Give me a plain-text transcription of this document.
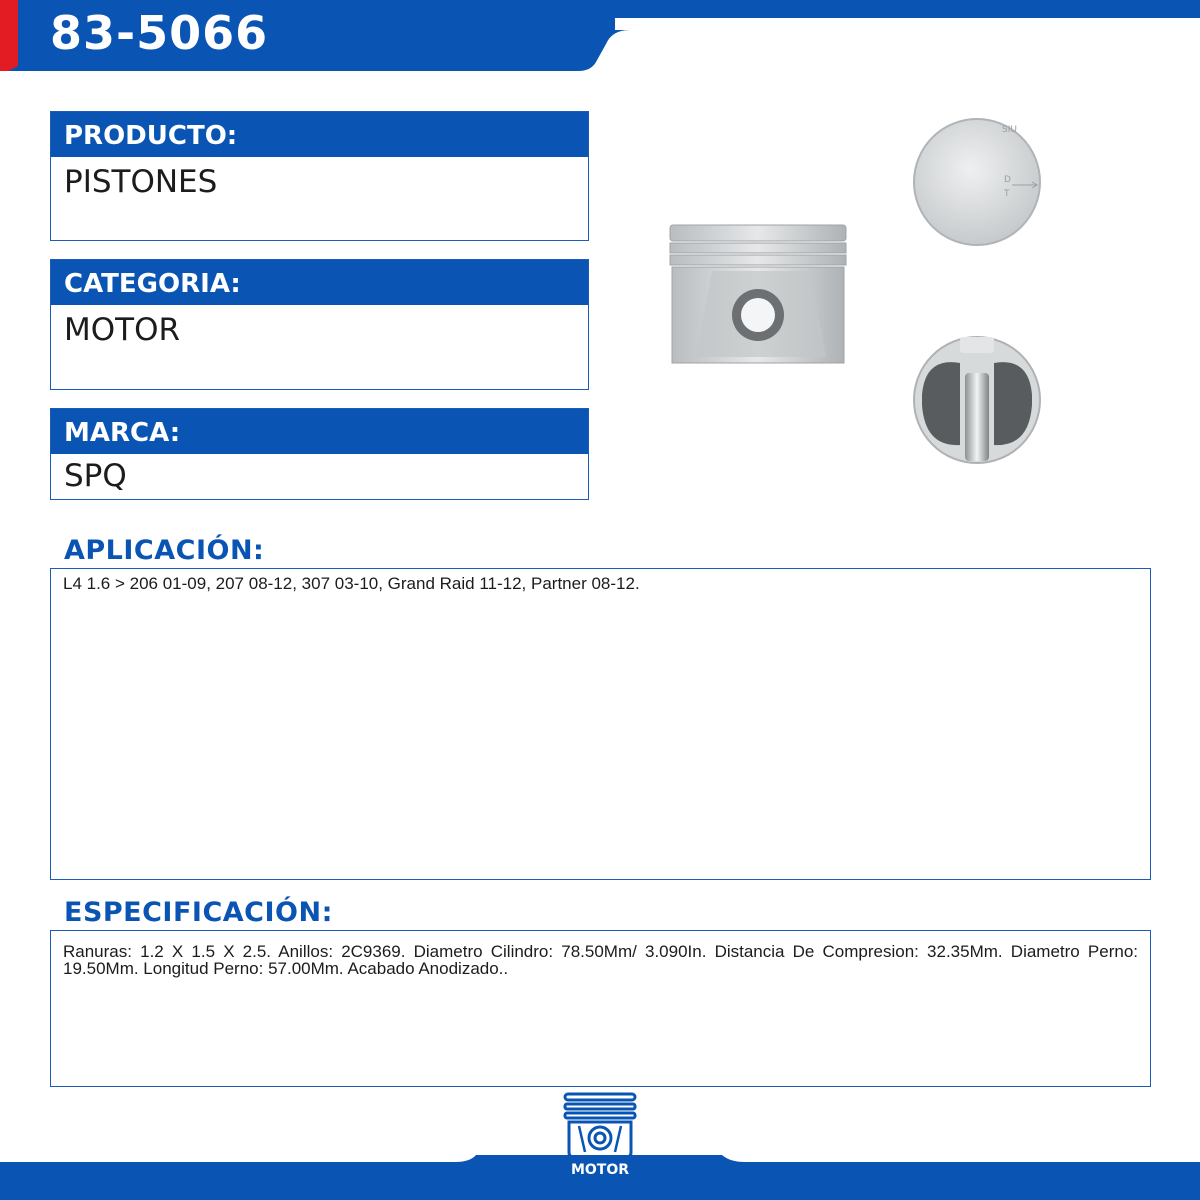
83-5066
PRODUCTO:
PISTONES
CATEGORIA:
MOTOR
MARCA:
SPQ
SIU
D
T
APLICACIÓN:

L4 1.6 > 206 01-09, 207 08-12, 307 03-10, Grand Raid 11-12, Partner 08-12.

ESPECIFICACIÓN:

Ranuras: 1.2 X 1.5 X 2.5. Anillos: 2C9369. Diametro Cilindro: 78.50Mm/ 3.090In. Distancia De Compresion: 32.35Mm. Diametro Perno: 19.50Mm. Longitud Perno: 57.00Mm. Acabado Anodizado..

MOTOR
